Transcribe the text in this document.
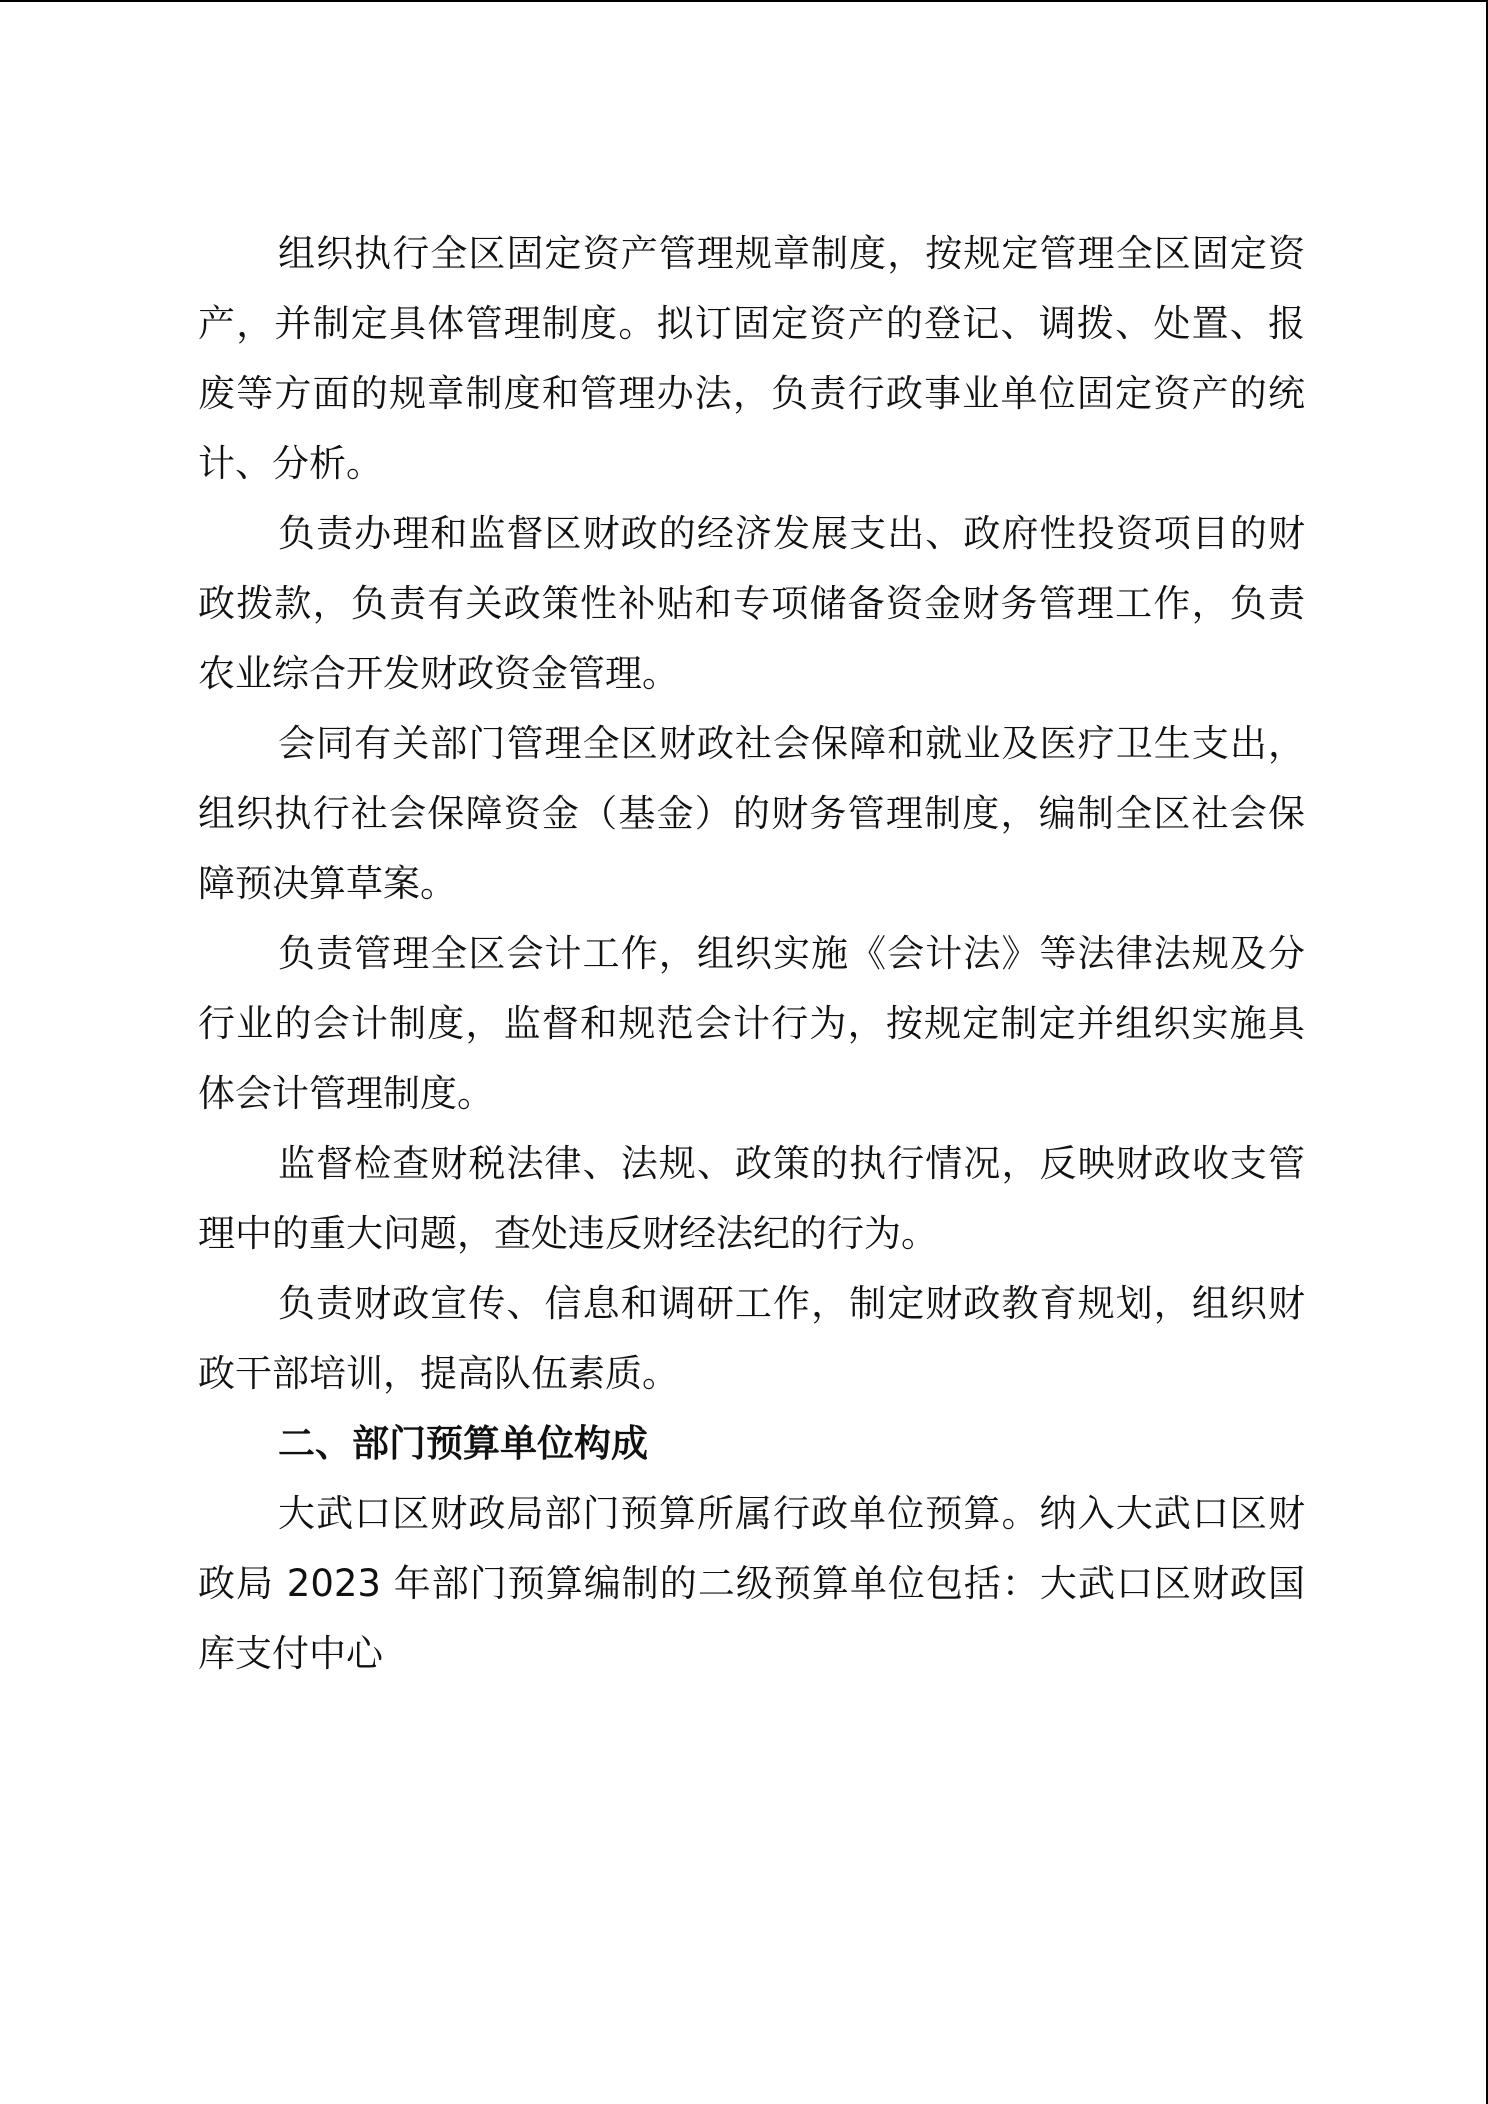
组织执行全区固定资产管理规章制度，按规定管理全区固定资产，并制定具体管理制度。拟订固定资产的登记、调拨、处置、报废等方面的规章制度和管理办法，负责行政事业单位固定资产的统计、分析。

负责办理和监督区财政的经济发展支出、政府性投资项目的财政拨款，负责有关政策性补贴和专项储备资金财务管理工作，负责农业综合开发财政资金管理。

会同有关部门管理全区财政社会保障和就业及医疗卫生支出，组织执行社会保障资金（基金）的财务管理制度，编制全区社会保障预决算草案。

负责管理全区会计工作，组织实施《会计法》等法律法规及分行业的会计制度，监督和规范会计行为，按规定制定并组织实施具体会计管理制度。

监督检查财税法律、法规、政策的执行情况，反映财政收支管理中的重大问题，查处违反财经法纪的行为。

负责财政宣传、信息和调研工作，制定财政教育规划，组织财政干部培训，提高队伍素质。

二、部门预算单位构成

大武口区财政局部门预算所属行政单位预算。纳入大武口区财政局 2023 年部门预算编制的二级预算单位包括：大武口区财政国库支付中心
